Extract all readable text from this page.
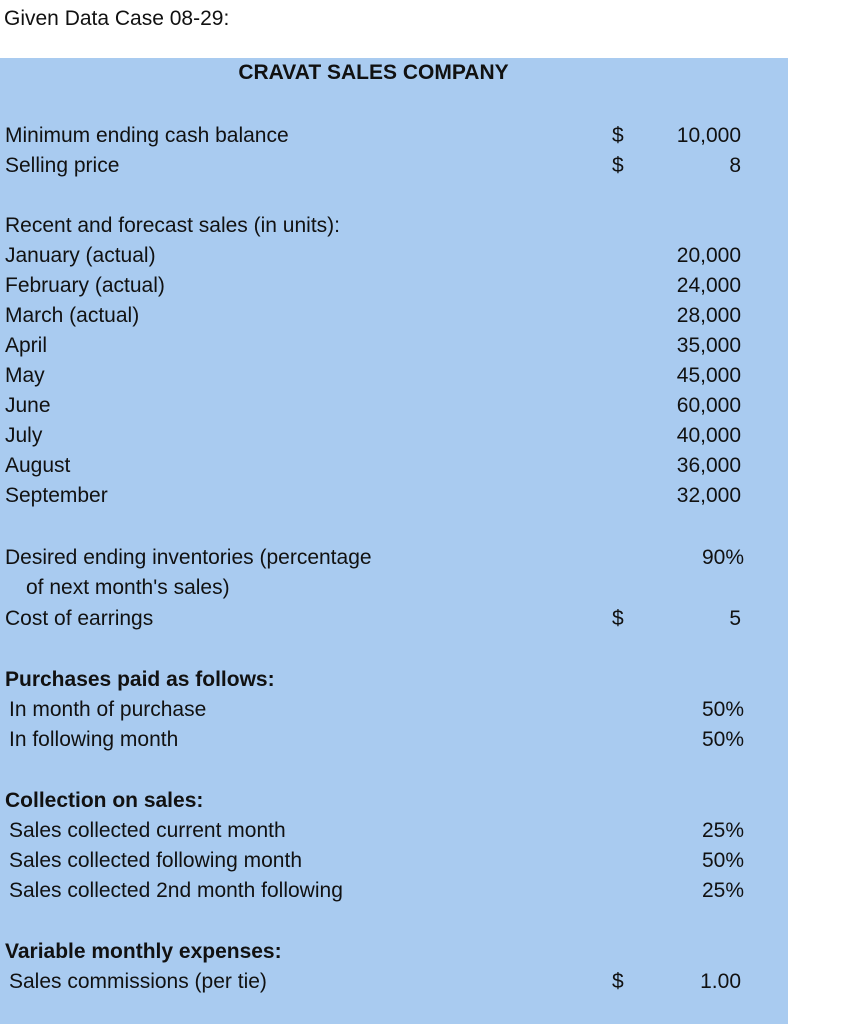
Given Data Case 08-29:
CRAVAT SALES COMPANY
Minimum ending cash balance	$	10,000
Selling price	$	8
Recent and forecast sales (in units):
January (actual)	20,000
February (actual)	24,000
March (actual)	28,000
April	35,000
May	45,000
June	60,000
July	40,000
August	36,000
September	32,000
Desired ending inventories (percentage	90%
of next month's sales)
Cost of earrings	$	5
Purchases paid as follows:
In month of purchase	50%
In following month	50%
Collection on sales:
Sales collected current month	25%
Sales collected following month	50%
Sales collected 2nd month following	25%
Variable monthly expenses:
Sales commissions (per tie)	$	1.00
